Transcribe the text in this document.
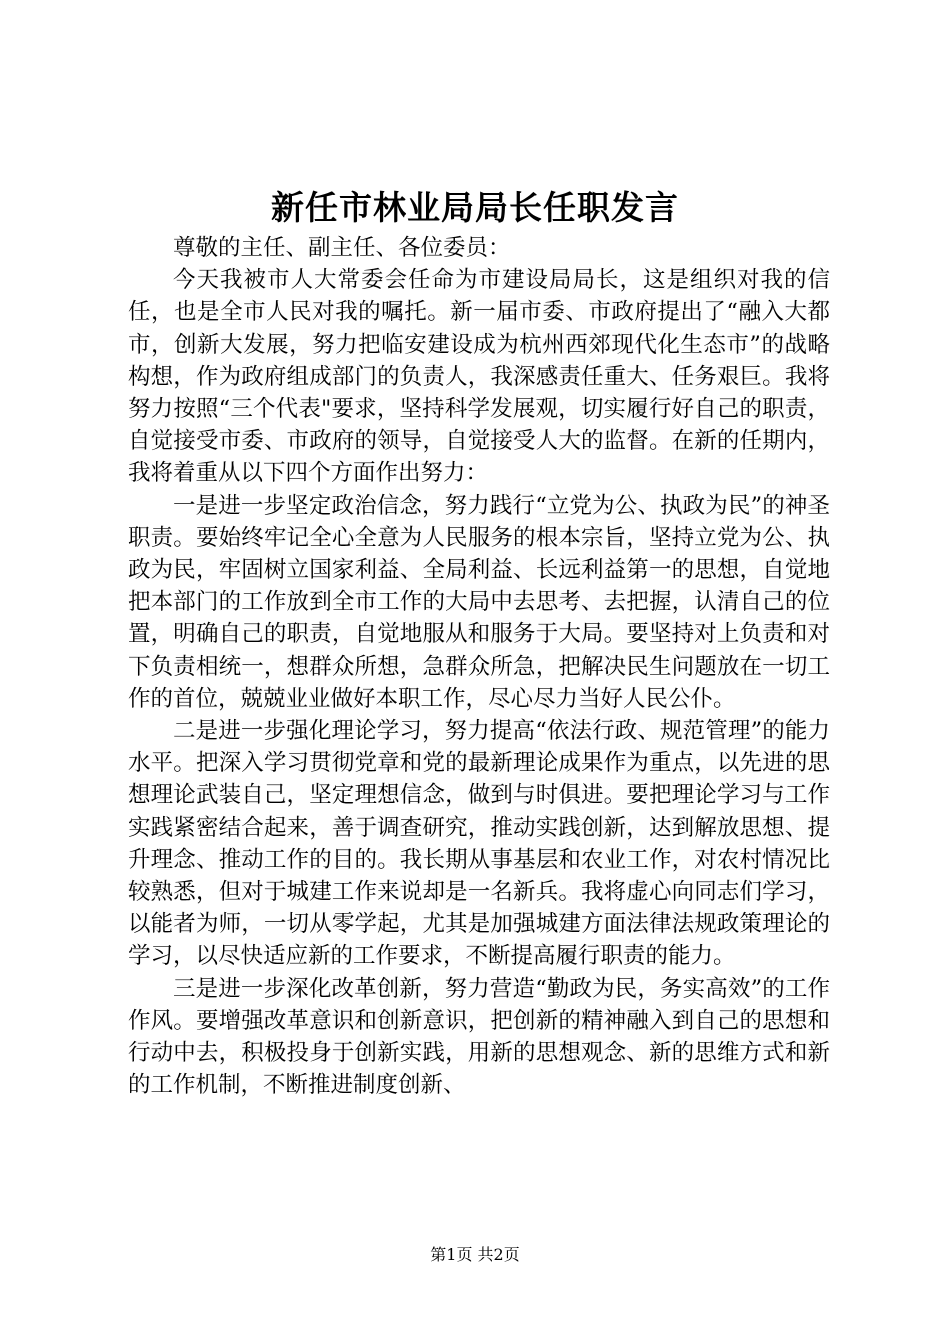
新任市林业局局长任职发言

尊敬的主任、副主任、各位委员：

今天我被市人大常委会任命为市建设局局长，这是组织对我的信任，也是全市人民对我的嘱托。新一届市委、市政府提出了“融入大都市，创新大发展，努力把临安建设成为杭州西郊现代化生态市”的战略构想，作为政府组成部门的负责人，我深感责任重大、任务艰巨。我将努力按照“三个代表"要求，坚持科学发展观，切实履行好自己的职责，自觉接受市委、市政府的领导，自觉接受人大的监督。在新的任期内，我将着重从以下四个方面作出努力：

一是进一步坚定政治信念，努力践行“立党为公、执政为民”的神圣职责。要始终牢记全心全意为人民服务的根本宗旨，坚持立党为公、执政为民，牢固树立国家利益、全局利益、长远利益第一的思想，自觉地把本部门的工作放到全市工作的大局中去思考、去把握，认清自己的位置，明确自己的职责，自觉地服从和服务于大局。要坚持对上负责和对下负责相统一，想群众所想，急群众所急，把解决民生问题放在一切工作的首位，兢兢业业做好本职工作，尽心尽力当好人民公仆。

二是进一步强化理论学习，努力提高“依法行政、规范管理”的能力水平。把深入学习贯彻党章和党的最新理论成果作为重点，以先进的思想理论武装自己，坚定理想信念，做到与时俱进。要把理论学习与工作实践紧密结合起来，善于调查研究，推动实践创新，达到解放思想、提升理念、推动工作的目的。我长期从事基层和农业工作，对农村情况比较熟悉，但对于城建工作来说却是一名新兵。我将虚心向同志们学习，以能者为师，一切从零学起，尤其是加强城建方面法律法规政策理论的学习，以尽快适应新的工作要求，不断提高履行职责的能力。

三是进一步深化改革创新，努力营造“勤政为民，务实高效”的工作作风。要增强改革意识和创新意识，把创新的精神融入到自己的思想和行动中去，积极投身于创新实践，用新的思想观念、新的思维方式和新的工作机制，不断推进制度创新、

第1页 共2页
